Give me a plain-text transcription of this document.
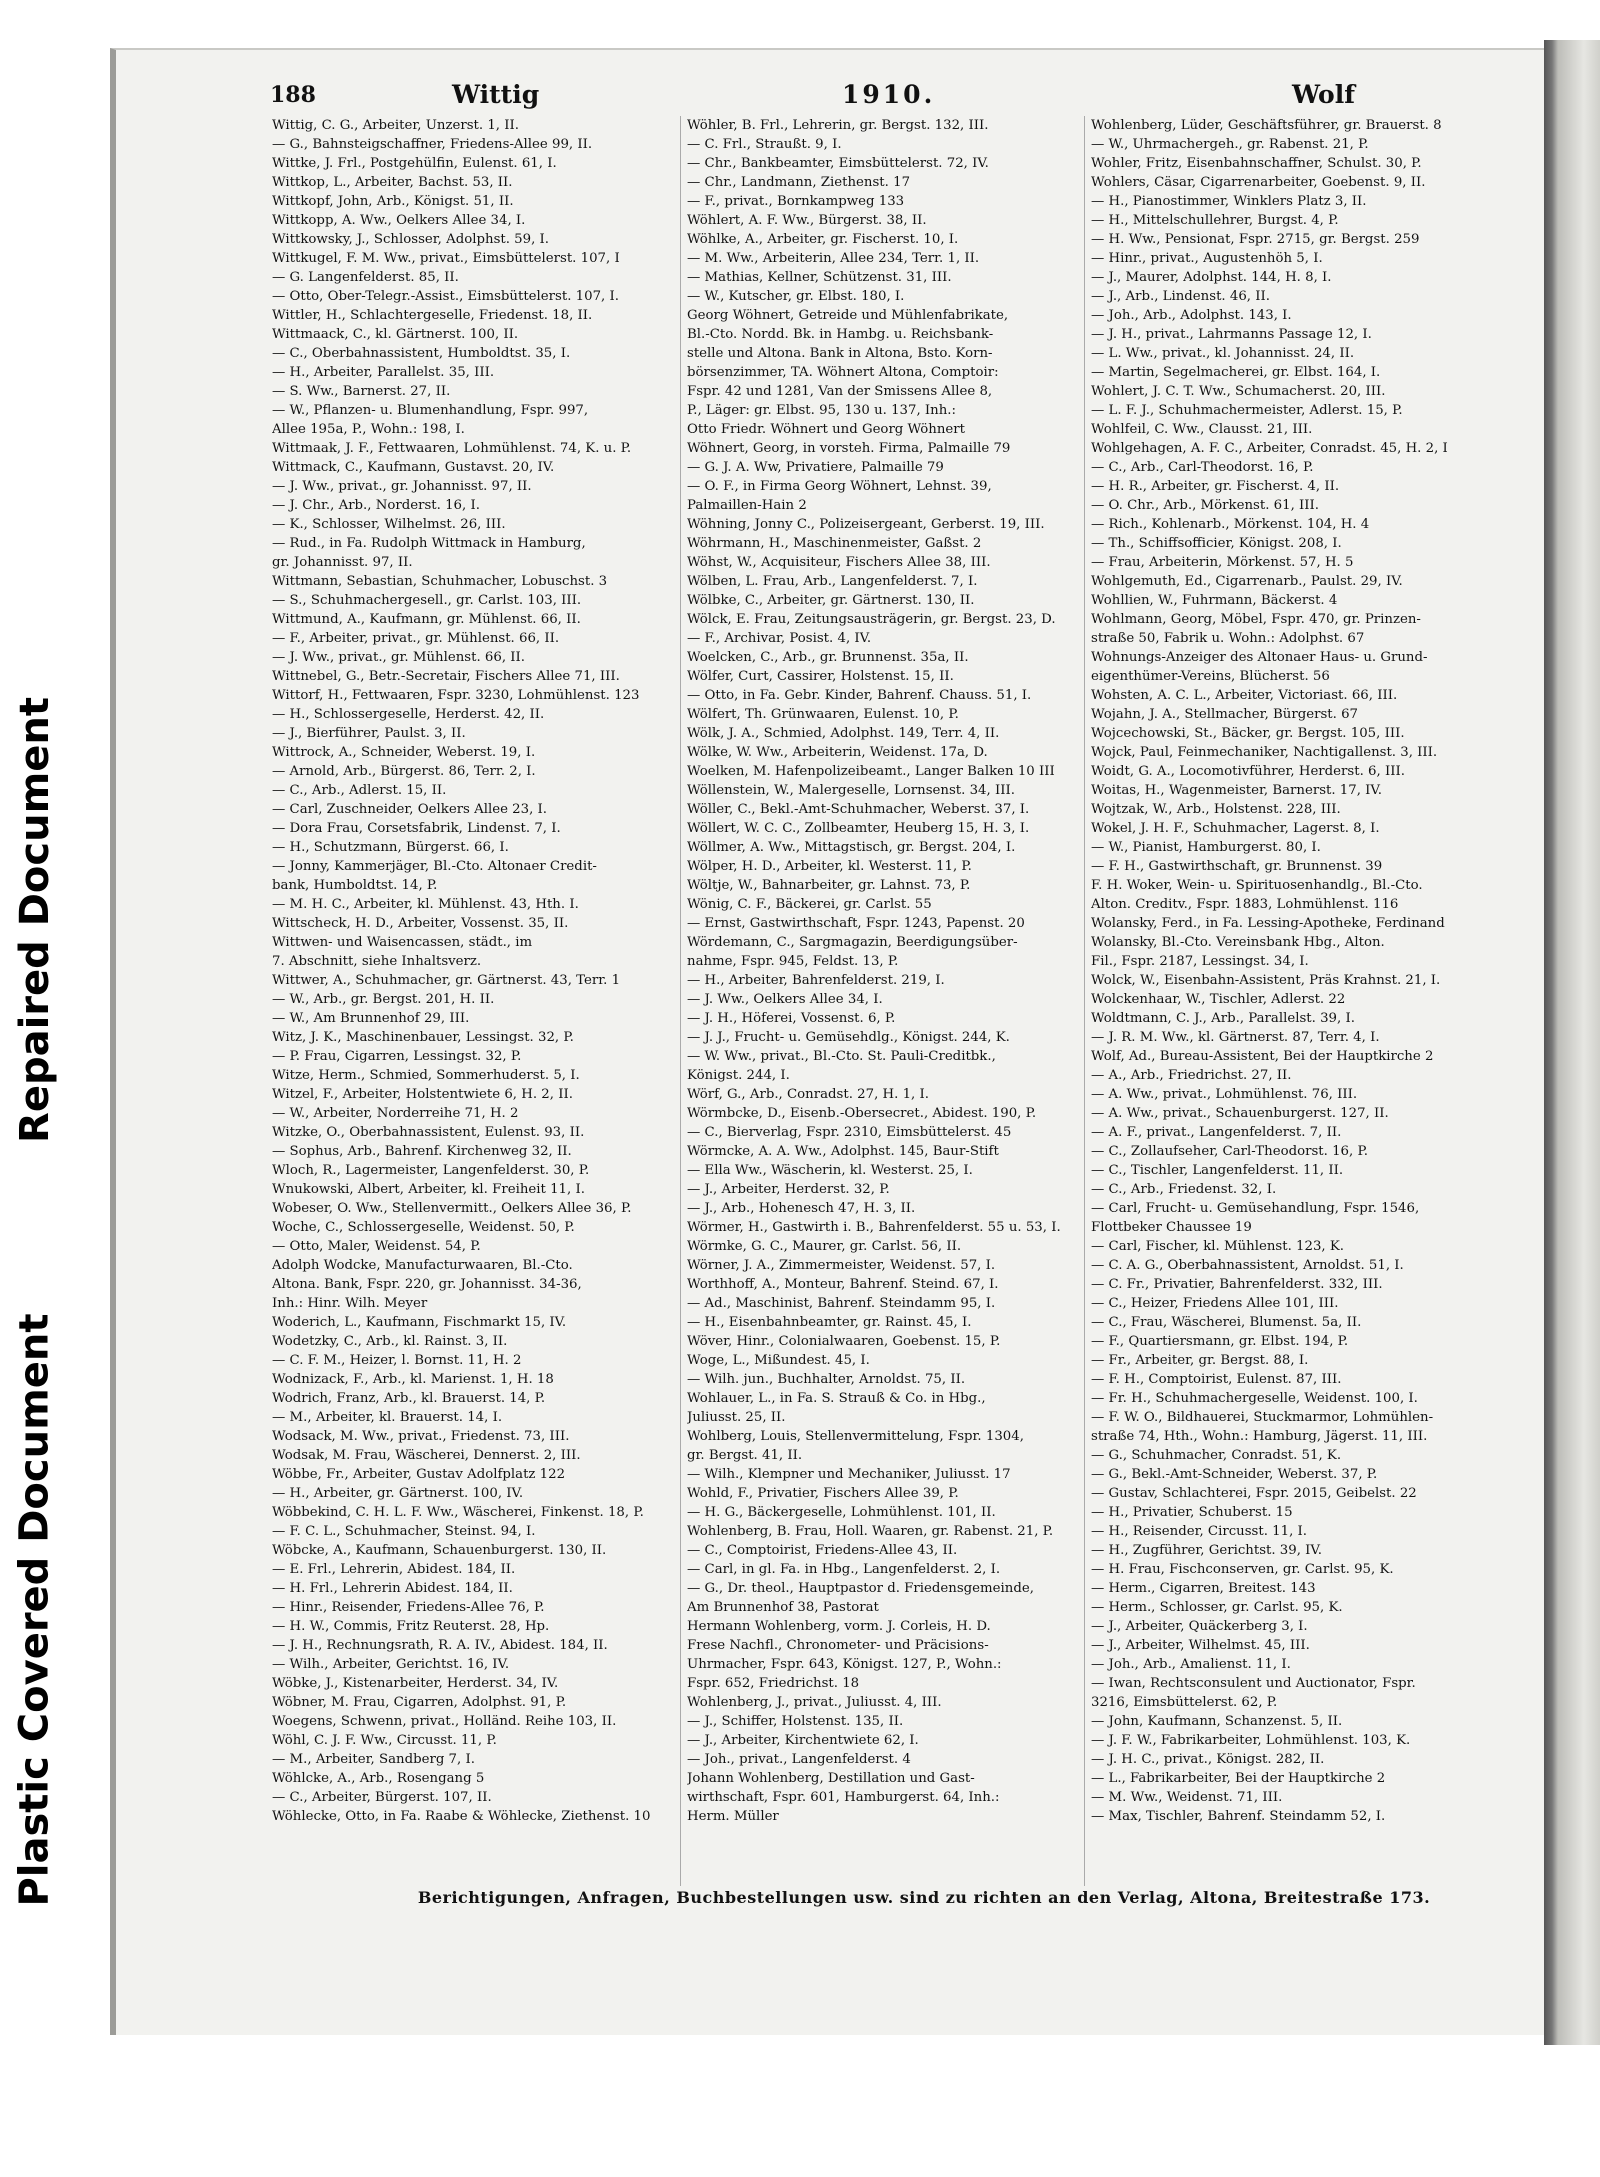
Repaired Document
Plastic Covered Document
188	Wittig	1910.	Wolf
Wittig, C. G., Arbeiter, Unzerst. 1, II.
— G., Bahnsteigschaffner, Friedens-Allee 99, II.
Wittke, J. Frl., Postgehülfin, Eulenst. 61, I.
Wittkop, L., Arbeiter, Bachst. 53, II.
Wittkopf, John, Arb., Königst. 51, II.
Wittkopp, A. Ww., Oelkers Allee 34, I.
Wittkowsky, J., Schlosser, Adolphst. 59, I.
Wittkugel, F. M. Ww., privat., Eimsbüttelerst. 107, I
— G. Langenfelderst. 85, II.
— Otto, Ober-Telegr.-Assist., Eimsbüttelerst. 107, I.
Wittler, H., Schlachtergeselle, Friedenst. 18, II.
Wittmaack, C., kl. Gärtnerst. 100, II.
— C., Oberbahnassistent, Humboldtst. 35, I.
— H., Arbeiter, Parallelst. 35, III.
— S. Ww., Barnerst. 27, II.
— W., Pflanzen- u. Blumenhandlung, Fspr. 997,
Allee 195a, P., Wohn.: 198, I.
Wittmaak, J. F., Fettwaaren, Lohmühlenst. 74, K. u. P.
Wittmack, C., Kaufmann, Gustavst. 20, IV.
— J. Ww., privat., gr. Johannisst. 97, II.
— J. Chr., Arb., Norderst. 16, I.
— K., Schlosser, Wilhelmst. 26, III.
— Rud., in Fa. Rudolph Wittmack in Hamburg,
gr. Johannisst. 97, II.
Wittmann, Sebastian, Schuhmacher, Lobuschst. 3
— S., Schuhmachergesell., gr. Carlst. 103, III.
Wittmund, A., Kaufmann, gr. Mühlenst. 66, II.
— F., Arbeiter, privat., gr. Mühlenst. 66, II.
— J. Ww., privat., gr. Mühlenst. 66, II.
Wittnebel, G., Betr.-Secretair, Fischers Allee 71, III.
Wittorf, H., Fettwaaren, Fspr. 3230, Lohmühlenst. 123
— H., Schlossergeselle, Herderst. 42, II.
— J., Bierführer, Paulst. 3, II.
Wittrock, A., Schneider, Weberst. 19, I.
— Arnold, Arb., Bürgerst. 86, Terr. 2, I.
— C., Arb., Adlerst. 15, II.
— Carl, Zuschneider, Oelkers Allee 23, I.
— Dora Frau, Corsetsfabrik, Lindenst. 7, I.
— H., Schutzmann, Bürgerst. 66, I.
— Jonny, Kammerjäger, Bl.-Cto. Altonaer Credit-
bank, Humboldtst. 14, P.
— M. H. C., Arbeiter, kl. Mühlenst. 43, Hth. I.
Wittscheck, H. D., Arbeiter, Vossenst. 35, II.
Wittwen- und Waisencassen, städt., im
7. Abschnitt, siehe Inhaltsverz.
Wittwer, A., Schuhmacher, gr. Gärtnerst. 43, Terr. 1
— W., Arb., gr. Bergst. 201, H. II.
— W., Am Brunnenhof 29, III.
Witz, J. K., Maschinenbauer, Lessingst. 32, P.
— P. Frau, Cigarren, Lessingst. 32, P.
Witze, Herm., Schmied, Sommerhuderst. 5, I.
Witzel, F., Arbeiter, Holstentwiete 6, H. 2, II.
— W., Arbeiter, Norderreihe 71, H. 2
Witzke, O., Oberbahnassistent, Eulenst. 93, II.
— Sophus, Arb., Bahrenf. Kirchenweg 32, II.
Wloch, R., Lagermeister, Langenfelderst. 30, P.
Wnukowski, Albert, Arbeiter, kl. Freiheit 11, I.
Wobeser, O. Ww., Stellenvermitt., Oelkers Allee 36, P.
Woche, C., Schlossergeselle, Weidenst. 50, P.
— Otto, Maler, Weidenst. 54, P.
Adolph Wodcke, Manufacturwaaren, Bl.-Cto.
Altona. Bank, Fspr. 220, gr. Johannisst. 34-36,
Inh.: Hinr. Wilh. Meyer
Woderich, L., Kaufmann, Fischmarkt 15, IV.
Wodetzky, C., Arb., kl. Rainst. 3, II.
— C. F. M., Heizer, l. Bornst. 11, H. 2
Wodnizack, F., Arb., kl. Marienst. 1, H. 18
Wodrich, Franz, Arb., kl. Brauerst. 14, P.
— M., Arbeiter, kl. Brauerst. 14, I.
Wodsack, M. Ww., privat., Friedenst. 73, III.
Wodsak, M. Frau, Wäscherei, Dennerst. 2, III.
Wöbbe, Fr., Arbeiter, Gustav Adolfplatz 122
— H., Arbeiter, gr. Gärtnerst. 100, IV.
Wöbbekind, C. H. L. F. Ww., Wäscherei, Finkenst. 18, P.
— F. C. L., Schuhmacher, Steinst. 94, I.
Wöbcke, A., Kaufmann, Schauenburgerst. 130, II.
— E. Frl., Lehrerin, Abidest. 184, II.
— H. Frl., Lehrerin Abidest. 184, II.
— Hinr., Reisender, Friedens-Allee 76, P.
— H. W., Commis, Fritz Reuterst. 28, Hp.
— J. H., Rechnungsrath, R. A. IV., Abidest. 184, II.
— Wilh., Arbeiter, Gerichtst. 16, IV.
Wöbke, J., Kistenarbeiter, Herderst. 34, IV.
Wöbner, M. Frau, Cigarren, Adolphst. 91, P.
Woegens, Schwenn, privat., Holländ. Reihe 103, II.
Wöhl, C. J. F. Ww., Circusst. 11, P.
— M., Arbeiter, Sandberg 7, I.
Wöhlcke, A., Arb., Rosengang 5
— C., Arbeiter, Bürgerst. 107, II.
Wöhlecke, Otto, in Fa. Raabe & Wöhlecke, Ziethenst. 10
Wöhler, B. Frl., Lehrerin, gr. Bergst. 132, III.
— C. Frl., Straußt. 9, I.
— Chr., Bankbeamter, Eimsbüttelerst. 72, IV.
— Chr., Landmann, Ziethenst. 17
— F., privat., Bornkampweg 133
Wöhlert, A. F. Ww., Bürgerst. 38, II.
Wöhlke, A., Arbeiter, gr. Fischerst. 10, I.
— M. Ww., Arbeiterin, Allee 234, Terr. 1, II.
— Mathias, Kellner, Schützenst. 31, III.
— W., Kutscher, gr. Elbst. 180, I.
Georg Wöhnert, Getreide und Mühlenfabrikate,
Bl.-Cto. Nordd. Bk. in Hambg. u. Reichsbank-
stelle und Altona. Bank in Altona, Bsto. Korn-
börsenzimmer, TA. Wöhnert Altona, Comptoir:
Fspr. 42 und 1281, Van der Smissens Allee 8,
P., Läger: gr. Elbst. 95, 130 u. 137, Inh.:
Otto Friedr. Wöhnert und Georg Wöhnert
Wöhnert, Georg, in vorsteh. Firma, Palmaille 79
— G. J. A. Ww, Privatiere, Palmaille 79
— O. F., in Firma Georg Wöhnert, Lehnst. 39,
Palmaillen-Hain 2
Wöhning, Jonny C., Polizeisergeant, Gerberst. 19, III.
Wöhrmann, H., Maschinenmeister, Gaßst. 2
Wöhst, W., Acquisiteur, Fischers Allee 38, III.
Wölben, L. Frau, Arb., Langenfelderst. 7, I.
Wölbke, C., Arbeiter, gr. Gärtnerst. 130, II.
Wölck, E. Frau, Zeitungsausträgerin, gr. Bergst. 23, D.
— F., Archivar, Posist. 4, IV.
Woelcken, C., Arb., gr. Brunnenst. 35a, II.
Wölfer, Curt, Cassirer, Holstenst. 15, II.
— Otto, in Fa. Gebr. Kinder, Bahrenf. Chauss. 51, I.
Wölfert, Th. Grünwaaren, Eulenst. 10, P.
Wölk, J. A., Schmied, Adolphst. 149, Terr. 4, II.
Wölke, W. Ww., Arbeiterin, Weidenst. 17a, D.
Woelken, M. Hafenpolizeibeamt., Langer Balken 10 III
Wöllenstein, W., Malergeselle, Lornsenst. 34, III.
Wöller, C., Bekl.-Amt-Schuhmacher, Weberst. 37, I.
Wöllert, W. C. C., Zollbeamter, Heuberg 15, H. 3, I.
Wöllmer, A. Ww., Mittagstisch, gr. Bergst. 204, I.
Wölper, H. D., Arbeiter, kl. Westerst. 11, P.
Wöltje, W., Bahnarbeiter, gr. Lahnst. 73, P.
Wönig, C. F., Bäckerei, gr. Carlst. 55
— Ernst, Gastwirthschaft, Fspr. 1243, Papenst. 20
Wördemann, C., Sargmagazin, Beerdigungsüber-
nahme, Fspr. 945, Feldst. 13, P.
— H., Arbeiter, Bahrenfelderst. 219, I.
— J. Ww., Oelkers Allee 34, I.
— J. H., Höferei, Vossenst. 6, P.
— J. J., Frucht- u. Gemüsehdlg., Königst. 244, K.
— W. Ww., privat., Bl.-Cto. St. Pauli-Creditbk.,
Königst. 244, I.
Wörf, G., Arb., Conradst. 27, H. 1, I.
Wörmbcke, D., Eisenb.-Obersecret., Abidest. 190, P.
— C., Bierverlag, Fspr. 2310, Eimsbüttelerst. 45
Wörmcke, A. A. Ww., Adolphst. 145, Baur-Stift
— Ella Ww., Wäscherin, kl. Westerst. 25, I.
— J., Arbeiter, Herderst. 32, P.
— J., Arb., Hohenesch 47, H. 3, II.
Wörmer, H., Gastwirth i. B., Bahrenfelderst. 55 u. 53, I.
Wörmke, G. C., Maurer, gr. Carlst. 56, II.
Wörner, J. A., Zimmermeister, Weidenst. 57, I.
Worthhoff, A., Monteur, Bahrenf. Steind. 67, I.
— Ad., Maschinist, Bahrenf. Steindamm 95, I.
— H., Eisenbahnbeamter, gr. Rainst. 45, I.
Wöver, Hinr., Colonialwaaren, Goebenst. 15, P.
Woge, L., Mißundest. 45, I.
— Wilh. jun., Buchhalter, Arnoldst. 75, II.
Wohlauer, L., in Fa. S. Strauß & Co. in Hbg.,
Juliusst. 25, II.
Wohlberg, Louis, Stellenvermittelung, Fspr. 1304,
gr. Bergst. 41, II.
— Wilh., Klempner und Mechaniker, Juliusst. 17
Wohld, F., Privatier, Fischers Allee 39, P.
— H. G., Bäckergeselle, Lohmühlenst. 101, II.
Wohlenberg, B. Frau, Holl. Waaren, gr. Rabenst. 21, P.
— C., Comptoirist, Friedens-Allee 43, II.
— Carl, in gl. Fa. in Hbg., Langenfelderst. 2, I.
— G., Dr. theol., Hauptpastor d. Friedensgemeinde,
Am Brunnenhof 38, Pastorat
Hermann Wohlenberg, vorm. J. Corleis, H. D.
Frese Nachfl., Chronometer- und Präcisions-
Uhrmacher, Fspr. 643, Königst. 127, P., Wohn.:
Fspr. 652, Friedrichst. 18
Wohlenberg, J., privat., Juliusst. 4, III.
— J., Schiffer, Holstenst. 135, II.
— J., Arbeiter, Kirchentwiete 62, I.
— Joh., privat., Langenfelderst. 4
Johann Wohlenberg, Destillation und Gast-
wirthschaft, Fspr. 601, Hamburgerst. 64, Inh.:
Herm. Müller
Wohlenberg, Lüder, Geschäftsführer, gr. Brauerst. 8
— W., Uhrmachergeh., gr. Rabenst. 21, P.
Wohler, Fritz, Eisenbahnschaffner, Schulst. 30, P.
Wohlers, Cäsar, Cigarrenarbeiter, Goebenst. 9, II.
— H., Pianostimmer, Winklers Platz 3, II.
— H., Mittelschullehrer, Burgst. 4, P.
— H. Ww., Pensionat, Fspr. 2715, gr. Bergst. 259
— Hinr., privat., Augustenhöh 5, I.
— J., Maurer, Adolphst. 144, H. 8, I.
— J., Arb., Lindenst. 46, II.
— Joh., Arb., Adolphst. 143, I.
— J. H., privat., Lahrmanns Passage 12, I.
— L. Ww., privat., kl. Johannisst. 24, II.
— Martin, Segelmacherei, gr. Elbst. 164, I.
Wohlert, J. C. T. Ww., Schumacherst. 20, III.
— L. F. J., Schuhmachermeister, Adlerst. 15, P.
Wohlfeil, C. Ww., Clausst. 21, III.
Wohlgehagen, A. F. C., Arbeiter, Conradst. 45, H. 2, I
— C., Arb., Carl-Theodorst. 16, P.
— H. R., Arbeiter, gr. Fischerst. 4, II.
— O. Chr., Arb., Mörkenst. 61, III.
— Rich., Kohlenarb., Mörkenst. 104, H. 4
— Th., Schiffsofficier, Königst. 208, I.
— Frau, Arbeiterin, Mörkenst. 57, H. 5
Wohlgemuth, Ed., Cigarrenarb., Paulst. 29, IV.
Wohllien, W., Fuhrmann, Bäckerst. 4
Wohlmann, Georg, Möbel, Fspr. 470, gr. Prinzen-
straße 50, Fabrik u. Wohn.: Adolphst. 67
Wohnungs-Anzeiger des Altonaer Haus- u. Grund-
eigenthümer-Vereins, Blücherst. 56
Wohsten, A. C. L., Arbeiter, Victoriast. 66, III.
Wojahn, J. A., Stellmacher, Bürgerst. 67
Wojcechowski, St., Bäcker, gr. Bergst. 105, III.
Wojck, Paul, Feinmechaniker, Nachtigallenst. 3, III.
Woidt, G. A., Locomotivführer, Herderst. 6, III.
Woitas, H., Wagenmeister, Barnerst. 17, IV.
Wojtzak, W., Arb., Holstenst. 228, III.
Wokel, J. H. F., Schuhmacher, Lagerst. 8, I.
— W., Pianist, Hamburgerst. 80, I.
— F. H., Gastwirthschaft, gr. Brunnenst. 39
F. H. Woker, Wein- u. Spirituosenhandlg., Bl.-Cto.
Alton. Creditv., Fspr. 1883, Lohmühlenst. 116
Wolansky, Ferd., in Fa. Lessing-Apotheke, Ferdinand
Wolansky, Bl.-Cto. Vereinsbank Hbg., Alton.
Fil., Fspr. 2187, Lessingst. 34, I.
Wolck, W., Eisenbahn-Assistent, Präs Krahnst. 21, I.
Wolckenhaar, W., Tischler, Adlerst. 22
Woldtmann, C. J., Arb., Parallelst. 39, I.
— J. R. M. Ww., kl. Gärtnerst. 87, Terr. 4, I.
Wolf, Ad., Bureau-Assistent, Bei der Hauptkirche 2
— A., Arb., Friedrichst. 27, II.
— A. Ww., privat., Lohmühlenst. 76, III.
— A. Ww., privat., Schauenburgerst. 127, II.
— A. F., privat., Langenfelderst. 7, II.
— C., Zollaufseher, Carl-Theodorst. 16, P.
— C., Tischler, Langenfelderst. 11, II.
— C., Arb., Friedenst. 32, I.
— Carl, Frucht- u. Gemüsehandlung, Fspr. 1546,
Flottbeker Chaussee 19
— Carl, Fischer, kl. Mühlenst. 123, K.
— C. A. G., Oberbahnassistent, Arnoldst. 51, I.
— C. Fr., Privatier, Bahrenfelderst. 332, III.
— C., Heizer, Friedens Allee 101, III.
— C., Frau, Wäscherei, Blumenst. 5a, II.
— F., Quartiersmann, gr. Elbst. 194, P.
— Fr., Arbeiter, gr. Bergst. 88, I.
— F. H., Comptoirist, Eulenst. 87, III.
— Fr. H., Schuhmachergeselle, Weidenst. 100, I.
— F. W. O., Bildhauerei, Stuckmarmor, Lohmühlen-
straße 74, Hth., Wohn.: Hamburg, Jägerst. 11, III.
— G., Schuhmacher, Conradst. 51, K.
— G., Bekl.-Amt-Schneider, Weberst. 37, P.
— Gustav, Schlachterei, Fspr. 2015, Geibelst. 22
— H., Privatier, Schuberst. 15
— H., Reisender, Circusst. 11, I.
— H., Zugführer, Gerichtst. 39, IV.
— H. Frau, Fischconserven, gr. Carlst. 95, K.
— Herm., Cigarren, Breitest. 143
— Herm., Schlosser, gr. Carlst. 95, K.
— J., Arbeiter, Quäckerberg 3, I.
— J., Arbeiter, Wilhelmst. 45, III.
— Joh., Arb., Amalienst. 11, I.
— Iwan, Rechtsconsulent und Auctionator, Fspr.
3216, Eimsbüttelerst. 62, P.
— John, Kaufmann, Schanzenst. 5, II.
— J. F. W., Fabrikarbeiter, Lohmühlenst. 103, K.
— J. H. C., privat., Königst. 282, II.
— L., Fabrikarbeiter, Bei der Hauptkirche 2
— M. Ww., Weidenst. 71, III.
— Max, Tischler, Bahrenf. Steindamm 52, I.
Berichtigungen, Anfragen, Buchbestellungen usw. sind zu richten an den Verlag, Altona, Breitestraße 173.
